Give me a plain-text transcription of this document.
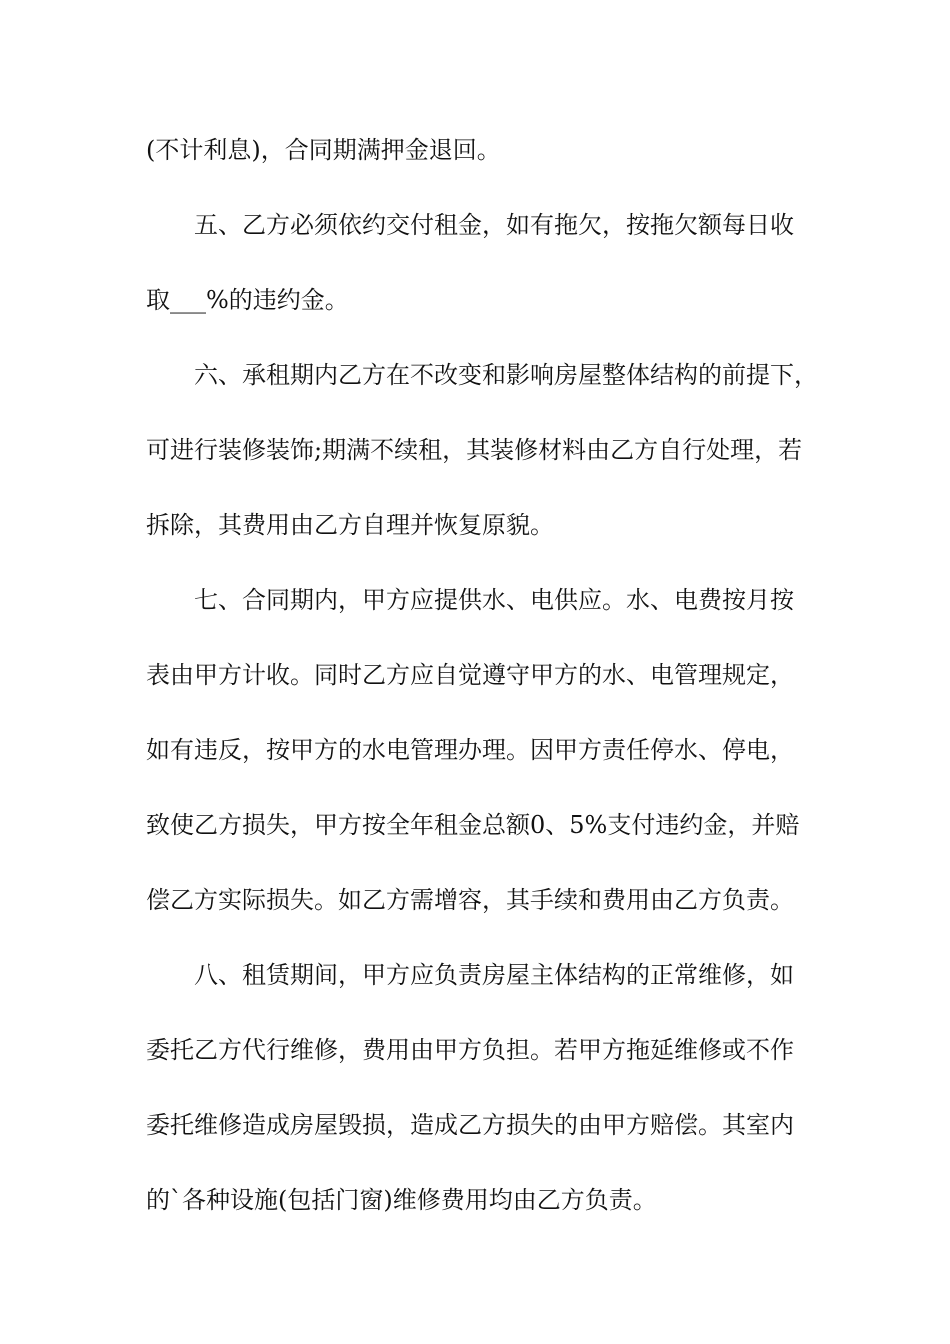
(不计利息)，合同期满押金退回。
五、乙方必须依约交付租金，如有拖欠，按拖欠额每日收
取___%的违约金。
六、承租期内乙方在不改变和影响房屋整体结构的前提下，
可进行装修装饰;期满不续租，其装修材料由乙方自行处理，若
拆除，其费用由乙方自理并恢复原貌。
七、合同期内，甲方应提供水、电供应。水、电费按月按
表由甲方计收。同时乙方应自觉遵守甲方的水、电管理规定，
如有违反，按甲方的水电管理办理。因甲方责任停水、停电，
致使乙方损失，甲方按全年租金总额0、5%支付违约金，并赔
偿乙方实际损失。如乙方需增容，其手续和费用由乙方负责。
八、租赁期间，甲方应负责房屋主体结构的正常维修，如
委托乙方代行维修，费用由甲方负担。若甲方拖延维修或不作
委托维修造成房屋毁损，造成乙方损失的由甲方赔偿。其室内
的`各种设施(包括门窗)维修费用均由乙方负责。
